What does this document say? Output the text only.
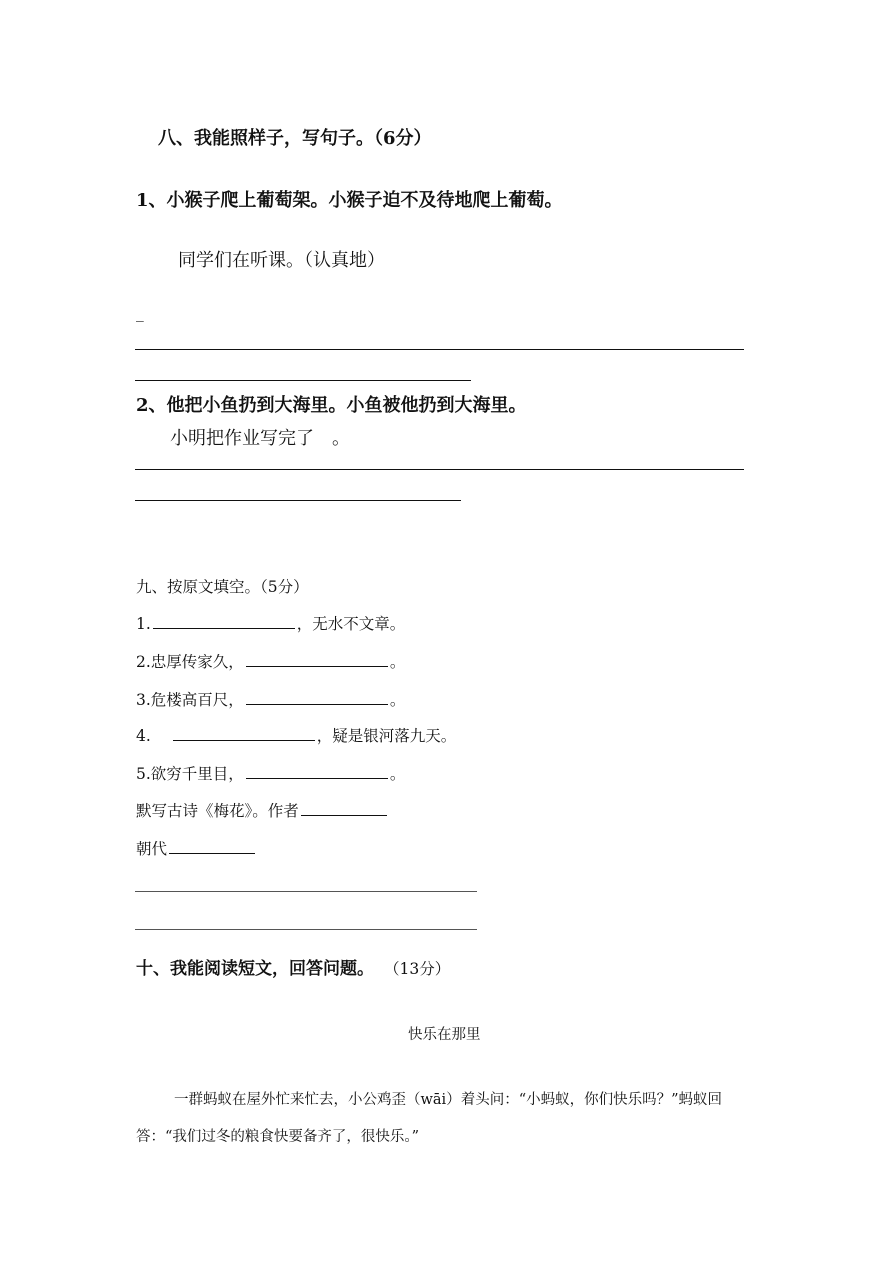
八、我能照样子，写句子。（6分）
1、小猴子爬上葡萄架。小猴子迫不及待地爬上葡萄。
同学们在听课。（认真地）
_
2、他把小鱼扔到大海里。小鱼被他扔到大海里。
小明把作业写完了　。
九、按原文填空。（5分）
1.	，无水不文章。
2.忠厚传家久，	。
3.危楼高百尺，	。
4.	，疑是银河落九天。
5.欲穷千里目，	。
默写古诗《梅花》。作者
朝代
十、我能阅读短文，回答问题。 （13分）
快乐在那里
一群蚂蚁在屋外忙来忙去，小公鸡歪（wāi）着头问：“小蚂蚁，你们快乐吗？”蚂蚁回
答：“我们过冬的粮食快要备齐了，很快乐。”
